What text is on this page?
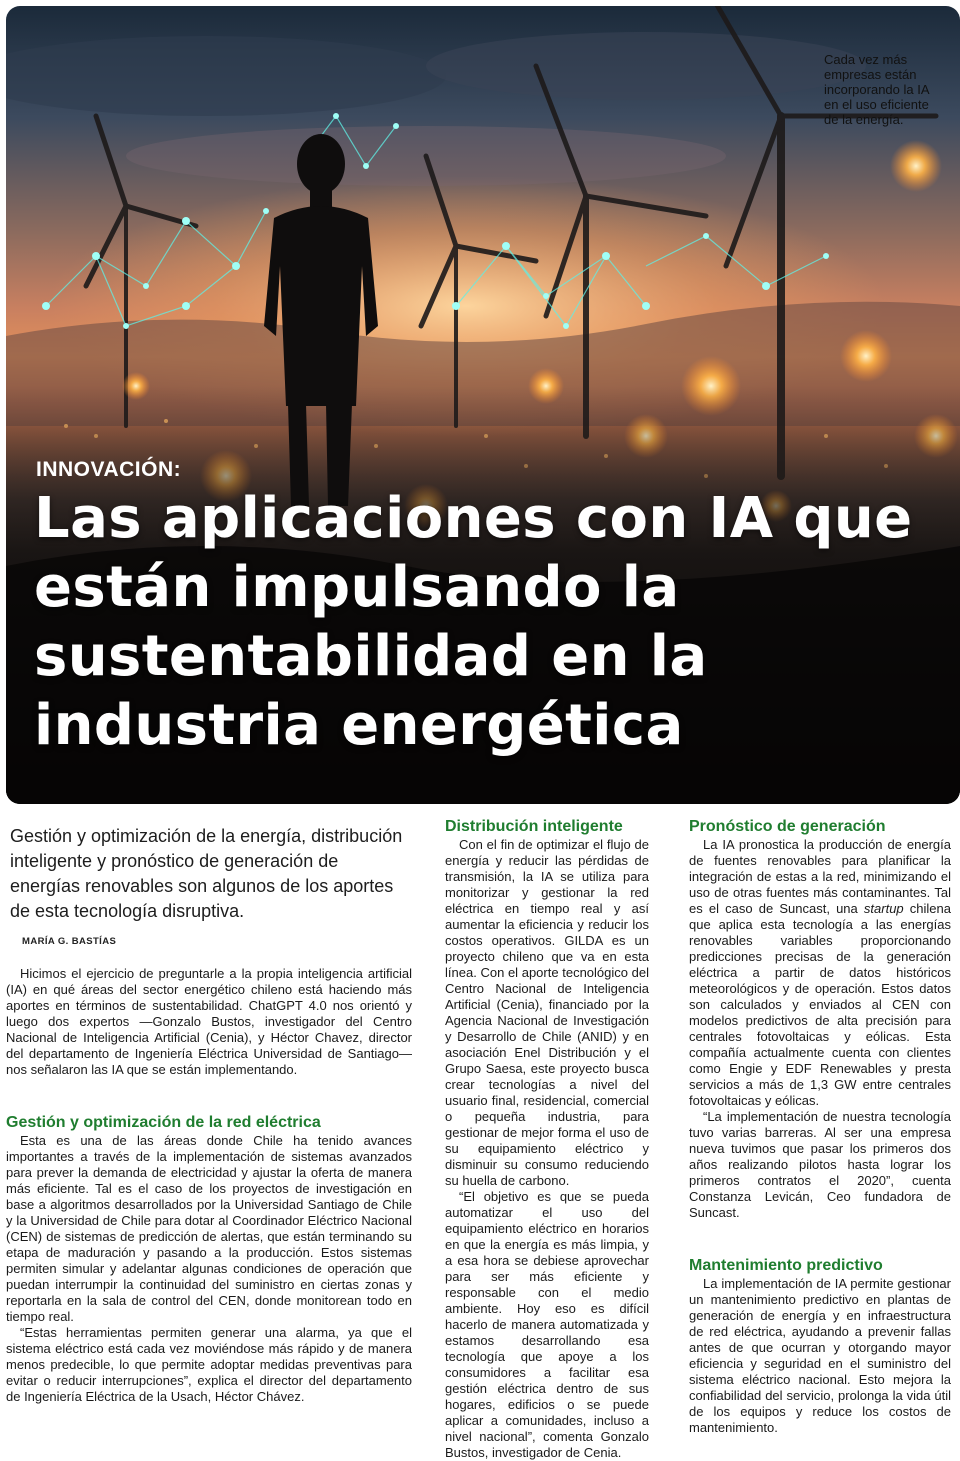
Cada vez más empresas están incorporando la IA en el uso eficiente de la energía.
INNOVACIÓN:
Las aplicaciones con IA que están impulsando la sustentabilidad en la industria energética
Gestión y optimización de la energía, distribución inteligente y pronóstico de generación de energías renovables son algunos de los aportes de esta tecnología disruptiva.
MARÍA G. BASTÍAS

Hicimos el ejercicio de preguntarle a la propia inteligencia artificial (IA) en qué áreas del sector energético chileno está haciendo más aportes en términos de sustentabilidad. ChatGPT 4.0 nos orientó y luego dos expertos —Gonzalo Bustos, investigador del Centro Nacional de Inteligencia Artificial (Cenia), y Héctor Chavez, director del departamento de Ingeniería Eléctrica Universidad de Santiago— nos señalaron las IA que se están implementando.

Gestión y optimización de la red eléctrica

Esta es una de las áreas donde Chile ha tenido avances importantes a través de la implementación de sistemas avanzados para prever la demanda de electricidad y ajustar la oferta de manera más eficiente. Tal es el caso de los proyectos de investigación en base a algoritmos desarrollados por la Universidad Santiago de Chile y la Universidad de Chile para dotar al Coordinador Eléctrico Nacional (CEN) de sistemas de predicción de alertas, que están terminando su etapa de maduración y pasando a la producción. Estos sistemas permiten simular y adelantar algunas condiciones de operación que puedan interrumpir la continuidad del suministro en ciertas zonas y reportarla en la sala de control del CEN, donde monitorean todo en tiempo real.

“Estas herramientas permiten generar una alarma, ya que el sistema eléctrico está cada vez moviéndose más rápido y de manera menos predecible, lo que permite adoptar medidas preventivas para evitar o reducir interrupciones”, explica el director del departamento de Ingeniería Eléctrica de la Usach, Héctor Chávez.

Distribución inteligente

Con el fin de optimizar el flujo de energía y reducir las pérdidas de transmisión, la IA se utiliza para monitorizar y gestionar la red eléctrica en tiempo real y así aumentar la eficiencia y reducir los costos operativos. GILDA es un proyecto chileno que va en esta línea. Con el aporte tecnológico del Centro Nacional de Inteligencia Artificial (Cenia), financiado por la Agencia Nacional de Investigación y Desarrollo de Chile (ANID) y en asociación Enel Distribución y el Grupo Saesa, este proyecto busca crear tecnologías a nivel del usuario final, residencial, comercial o pequeña industria, para gestionar de mejor forma el uso de su equipamiento eléctrico y disminuir su consumo reduciendo su huella de carbono.

“El objetivo es que se pueda automatizar el uso del equipamiento eléctrico en horarios en que la energía es más limpia, y a esa hora se debiese aprovechar para ser más eficiente y responsable con el medio ambiente. Hoy eso es difícil hacerlo de manera automatizada y estamos desarrollando esa tecnología que apoye a los consumidores a facilitar esa gestión eléctrica dentro de sus hogares, edificios o se puede aplicar a comunidades, incluso a nivel nacional”, comenta Gonzalo Bustos, investigador de Cenia.

Pronóstico de generación

La IA pronostica la producción de energía de fuentes renovables para planificar la integración de estas a la red, minimizando el uso de otras fuentes más contaminantes. Tal es el caso de Suncast, una startup chilena que aplica esta tecnología a las energías renovables variables proporcionando predicciones precisas de la generación eléctrica a partir de datos históricos meteorológicos y de operación. Estos datos son calculados y enviados al CEN con modelos predictivos de alta precisión para centrales fotovoltaicas y eólicas. Esta compañía actualmente cuenta con clientes como Engie y EDF Renewables y presta servicios a más de 1,3 GW entre centrales fotovoltaicas y eólicas.

“La implementación de nuestra tecnología tuvo varias barreras. Al ser una empresa nueva tuvimos que pasar los primeros dos años realizando pilotos hasta lograr los primeros contratos el 2020”, cuenta Constanza Levicán, Ceo fundadora de Suncast.

Mantenimiento predictivo

La implementación de IA permite gestionar un mantenimiento predictivo en plantas de generación de energía y en infraestructura de red eléctrica, ayudando a prevenir fallas antes de que ocurran y otorgando mayor eficiencia y seguridad en el suministro del sistema eléctrico nacional. Esto mejora la confiabilidad del servicio, prolonga la vida útil de los equipos y reduce los costos de mantenimiento.
